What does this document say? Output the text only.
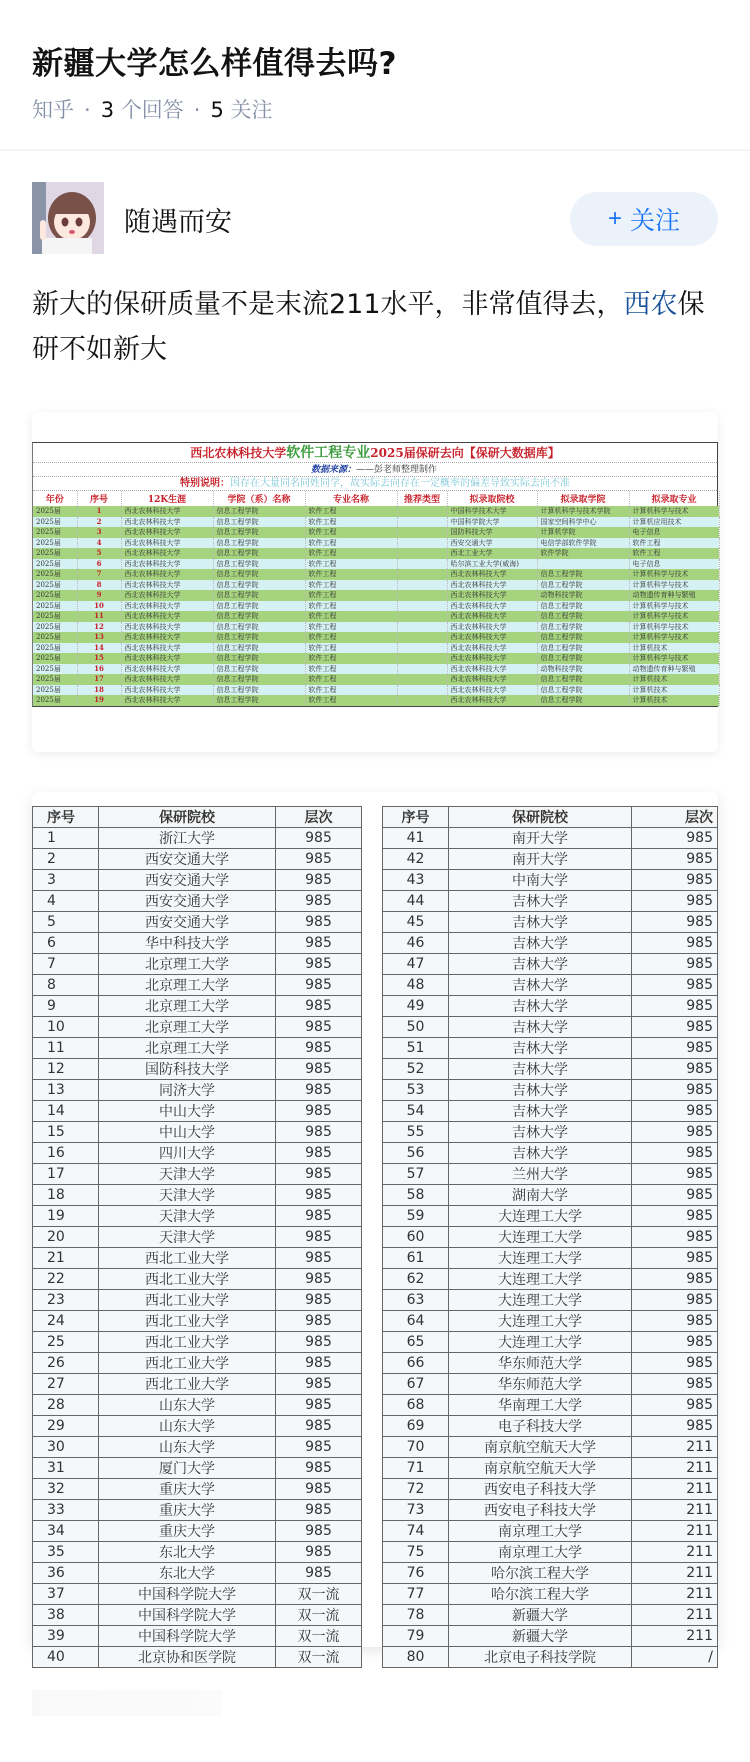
新疆大学怎么样值得去吗?
知乎 · 3 个回答 · 5 关注
随遇而安	+ 关注
新大的保研质量不是末流211水平，非常值得去，西农保研不如新大
西北农林科技大学软件工程专业2025届保研去向【保研大数据库】
数据来源：——彭老师整理制作
特别说明：因存在大量同名同姓同学，故实际去向存在一定概率的偏差导致实际去向不准
年份	序号	12K生涯	学院（系）名称	专业名称	推荐类型	拟录取院校	拟录取学院	拟录取专业
2025届	1	西北农林科技大学	信息工程学院	软件工程		中国科学技术大学	计算机科学与技术学院	计算机科学与技术
2025届	2	西北农林科技大学	信息工程学院	软件工程		中国科学院大学	国家空间科学中心	计算机应用技术
2025届	3	西北农林科技大学	信息工程学院	软件工程		国防科技大学	计算机学院	电子信息
2025届	4	西北农林科技大学	信息工程学院	软件工程		西安交通大学	电信学部软件学院	软件工程
2025届	5	西北农林科技大学	信息工程学院	软件工程		西北工业大学	软件学院	软件工程
2025届	6	西北农林科技大学	信息工程学院	软件工程		哈尔滨工业大学(威海)		电子信息
2025届	7	西北农林科技大学	信息工程学院	软件工程		西北农林科技大学	信息工程学院	计算机科学与技术
2025届	8	西北农林科技大学	信息工程学院	软件工程		西北农林科技大学	信息工程学院	计算机科学与技术
2025届	9	西北农林科技大学	信息工程学院	软件工程		西北农林科技大学	动物科技学院	动物遗传育种与繁殖
2025届	10	西北农林科技大学	信息工程学院	软件工程		西北农林科技大学	信息工程学院	计算机科学与技术
2025届	11	西北农林科技大学	信息工程学院	软件工程		西北农林科技大学	信息工程学院	计算机科学与技术
2025届	12	西北农林科技大学	信息工程学院	软件工程		西北农林科技大学	信息工程学院	计算机科学与技术
2025届	13	西北农林科技大学	信息工程学院	软件工程		西北农林科技大学	信息工程学院	计算机科学与技术
2025届	14	西北农林科技大学	信息工程学院	软件工程		西北农林科技大学	信息工程学院	计算机技术
2025届	15	西北农林科技大学	信息工程学院	软件工程		西北农林科技大学	信息工程学院	计算机科学与技术
2025届	16	西北农林科技大学	信息工程学院	软件工程		西北农林科技大学	动物科技学院	动物遗传育种与繁殖
2025届	17	西北农林科技大学	信息工程学院	软件工程		西北农林科技大学	信息工程学院	计算机技术
2025届	18	西北农林科技大学	信息工程学院	软件工程		西北农林科技大学	信息工程学院	计算机技术
2025届	19	西北农林科技大学	信息工程学院	软件工程		西北农林科技大学	信息工程学院	计算机技术
序号	保研院校	层次
1	浙江大学	985
2	西安交通大学	985
3	西安交通大学	985
4	西安交通大学	985
5	西安交通大学	985
6	华中科技大学	985
7	北京理工大学	985
8	北京理工大学	985
9	北京理工大学	985
10	北京理工大学	985
11	北京理工大学	985
12	国防科技大学	985
13	同济大学	985
14	中山大学	985
15	中山大学	985
16	四川大学	985
17	天津大学	985
18	天津大学	985
19	天津大学	985
20	天津大学	985
21	西北工业大学	985
22	西北工业大学	985
23	西北工业大学	985
24	西北工业大学	985
25	西北工业大学	985
26	西北工业大学	985
27	西北工业大学	985
28	山东大学	985
29	山东大学	985
30	山东大学	985
31	厦门大学	985
32	重庆大学	985
33	重庆大学	985
34	重庆大学	985
35	东北大学	985
36	东北大学	985
37	中国科学院大学	双一流
38	中国科学院大学	双一流
39	中国科学院大学	双一流
40	北京协和医学院	双一流
序号	保研院校	层次
41	南开大学	985
42	南开大学	985
43	中南大学	985
44	吉林大学	985
45	吉林大学	985
46	吉林大学	985
47	吉林大学	985
48	吉林大学	985
49	吉林大学	985
50	吉林大学	985
51	吉林大学	985
52	吉林大学	985
53	吉林大学	985
54	吉林大学	985
55	吉林大学	985
56	吉林大学	985
57	兰州大学	985
58	湖南大学	985
59	大连理工大学	985
60	大连理工大学	985
61	大连理工大学	985
62	大连理工大学	985
63	大连理工大学	985
64	大连理工大学	985
65	大连理工大学	985
66	华东师范大学	985
67	华东师范大学	985
68	华南理工大学	985
69	电子科技大学	985
70	南京航空航天大学	211
71	南京航空航天大学	211
72	西安电子科技大学	211
73	西安电子科技大学	211
74	南京理工大学	211
75	南京理工大学	211
76	哈尔滨工程大学	211
77	哈尔滨工程大学	211
78	新疆大学	211
79	新疆大学	211
80	北京电子科技学院	/
